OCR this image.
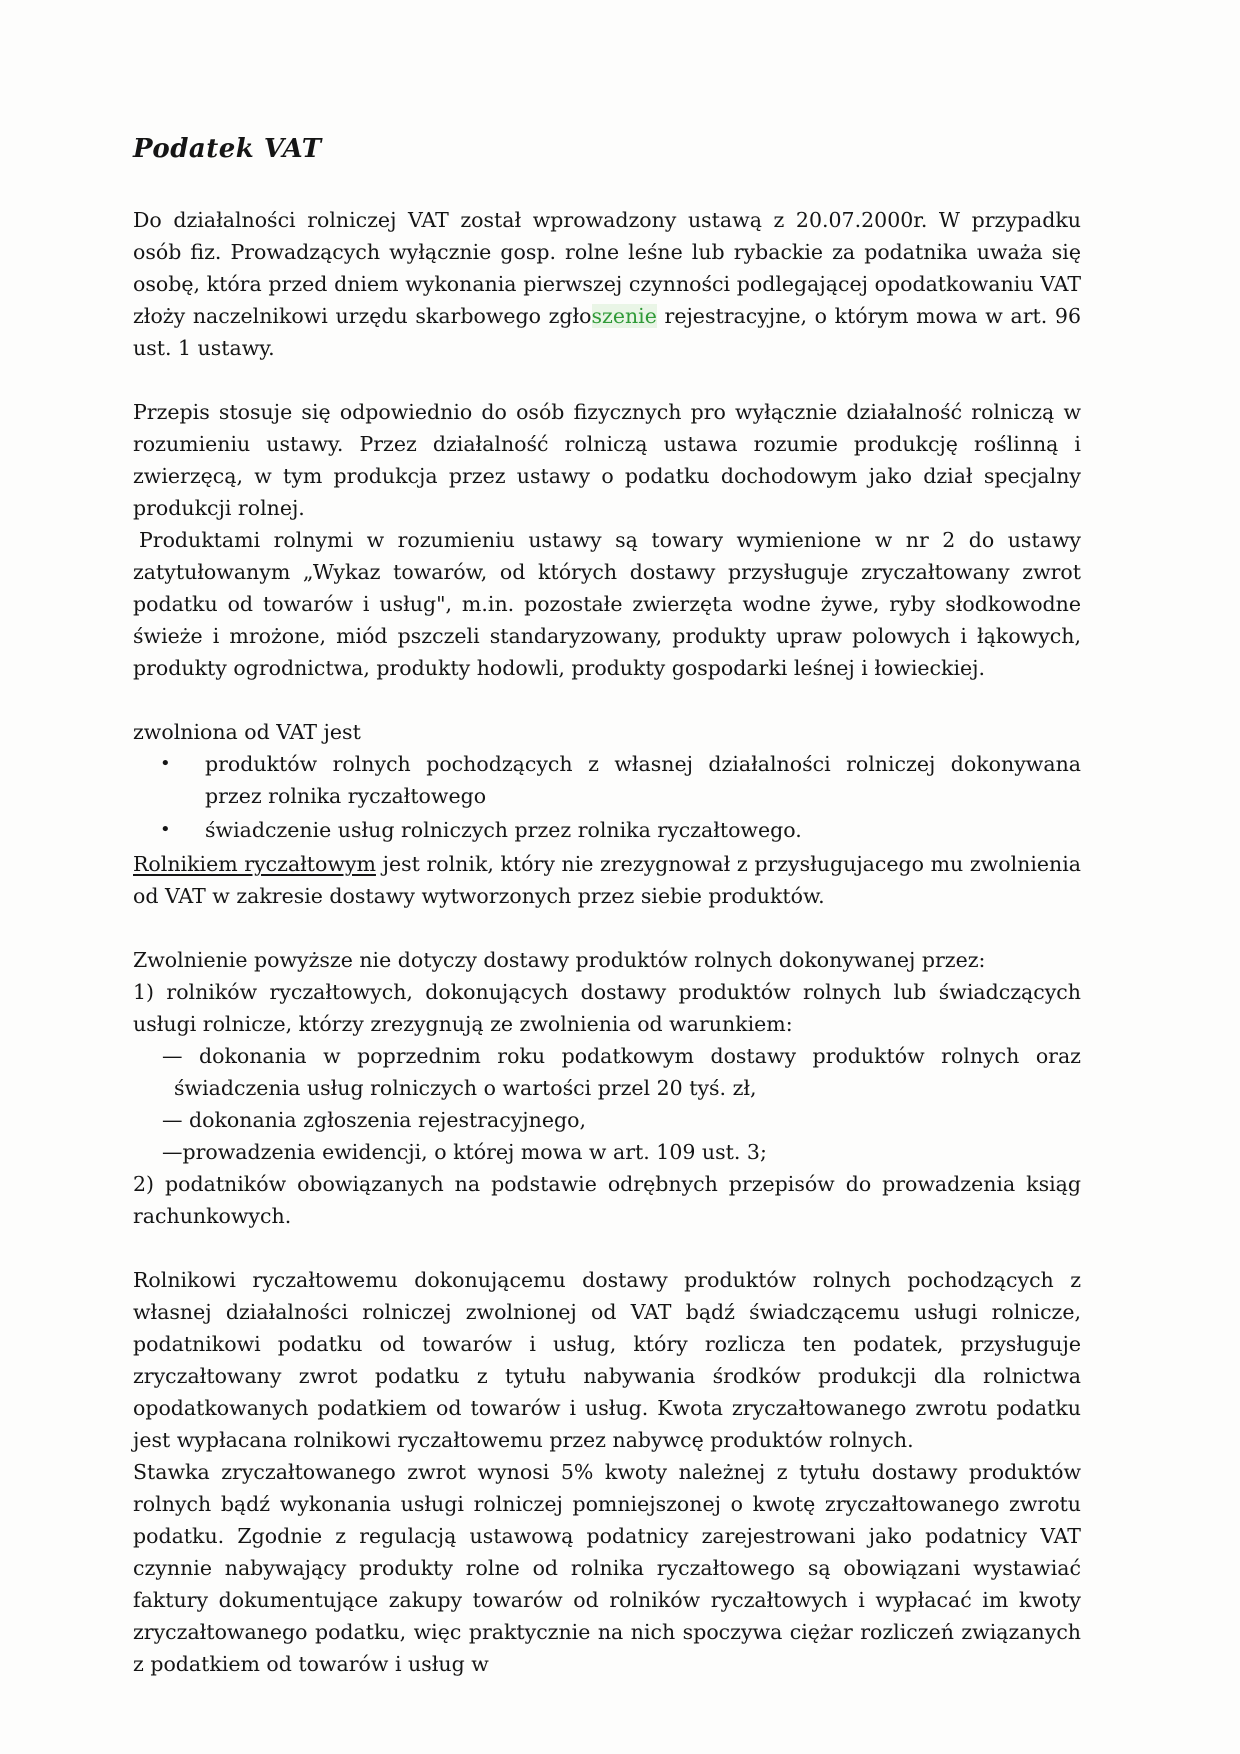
Podatek VAT

Do działalności rolniczej VAT został wprowadzony ustawą z 20.07.2000r. W przypadku osób fiz. Prowadzących wyłącznie gosp. rolne leśne lub rybackie za podatnika uważa się osobę, która przed dniem wykonania pierwszej czynności podlegającej opodatkowaniu VAT złoży naczelnikowi urzędu skarbowego zgłoszenie rejestracyjne, o którym mowa w art. 96 ust. 1 ustawy.

Przepis stosuje się odpowiednio do osób fizycznych pro wyłącznie działalność rolniczą w rozumieniu ustawy. Przez działalność rolniczą ustawa rozumie produkcję roślinną i zwierzęcą, w tym produkcja przez ustawy o podatku dochodowym jako dział specjalny produkcji rolnej.

Produktami rolnymi w rozumieniu ustawy są towary wymienione w nr 2 do ustawy zatytułowanym „Wykaz towarów, od których dostawy przysługuje zryczałtowany zwrot podatku od towarów i usług", m.in. pozostałe zwierzęta wodne żywe, ryby słodkowodne świeże i mrożone, miód pszczeli standaryzowany, produkty upraw polowych i łąkowych, produkty ogrodnictwa, produkty hodowli, produkty gospodarki leśnej i łowieckiej.

zwolniona od VAT jest

•	produktów rolnych pochodzących z własnej działalności rolniczej dokonywana przez rolnika ryczałtowego
•	świadczenie usług rolniczych przez rolnika ryczałtowego.

Rolnikiem ryczałtowym jest rolnik, który nie zrezygnował z przysługujacego mu zwolnienia od VAT w zakresie dostawy wytworzonych przez siebie produktów.

Zwolnienie powyższe nie dotyczy dostawy produktów rolnych dokonywanej przez:

1) rolników ryczałtowych, dokonujących dostawy produktów rolnych lub świadczących usługi rolnicze, którzy zrezygnują ze zwolnienia od warunkiem:

— dokonania w poprzednim roku podatkowym dostawy produktów rolnych oraz świadczenia usług rolniczych o wartości przel 20 tyś. zł,

— dokonania zgłoszenia rejestracyjnego,

—prowadzenia ewidencji, o której mowa w art. 109 ust. 3;

2) podatników obowiązanych na podstawie odrębnych przepisów do prowadzenia ksiąg rachunkowych.

Rolnikowi ryczałtowemu dokonującemu dostawy produktów rolnych pochodzących z własnej działalności rolniczej zwolnionej od VAT bądź świadczącemu usługi rolnicze, podatnikowi podatku od towarów i usług, który rozlicza ten podatek, przysługuje zryczałtowany zwrot podatku z tytułu nabywania środków produkcji dla rolnictwa opodatkowanych podatkiem od towarów i usług. Kwota zryczałtowanego zwrotu podatku jest wypłacana rolnikowi ryczałtowemu przez nabywcę produktów rolnych.

Stawka zryczałtowanego zwrot wynosi 5% kwoty należnej z tytułu dostawy produktów rolnych bądź wykonania usługi rolniczej pomniejszonej o kwotę zryczałtowanego zwrotu podatku. Zgodnie z regulacją ustawową podatnicy zarejestrowani jako podatnicy VAT czynnie nabywający produkty rolne od rolnika ryczałtowego są obowiązani wystawiać faktury dokumentujące zakupy towarów od rolników ryczałtowych i wypłacać im kwoty zryczałtowanego podatku, więc praktycznie na nich spoczywa ciężar rozliczeń związanych z podatkiem od towarów i usług w
